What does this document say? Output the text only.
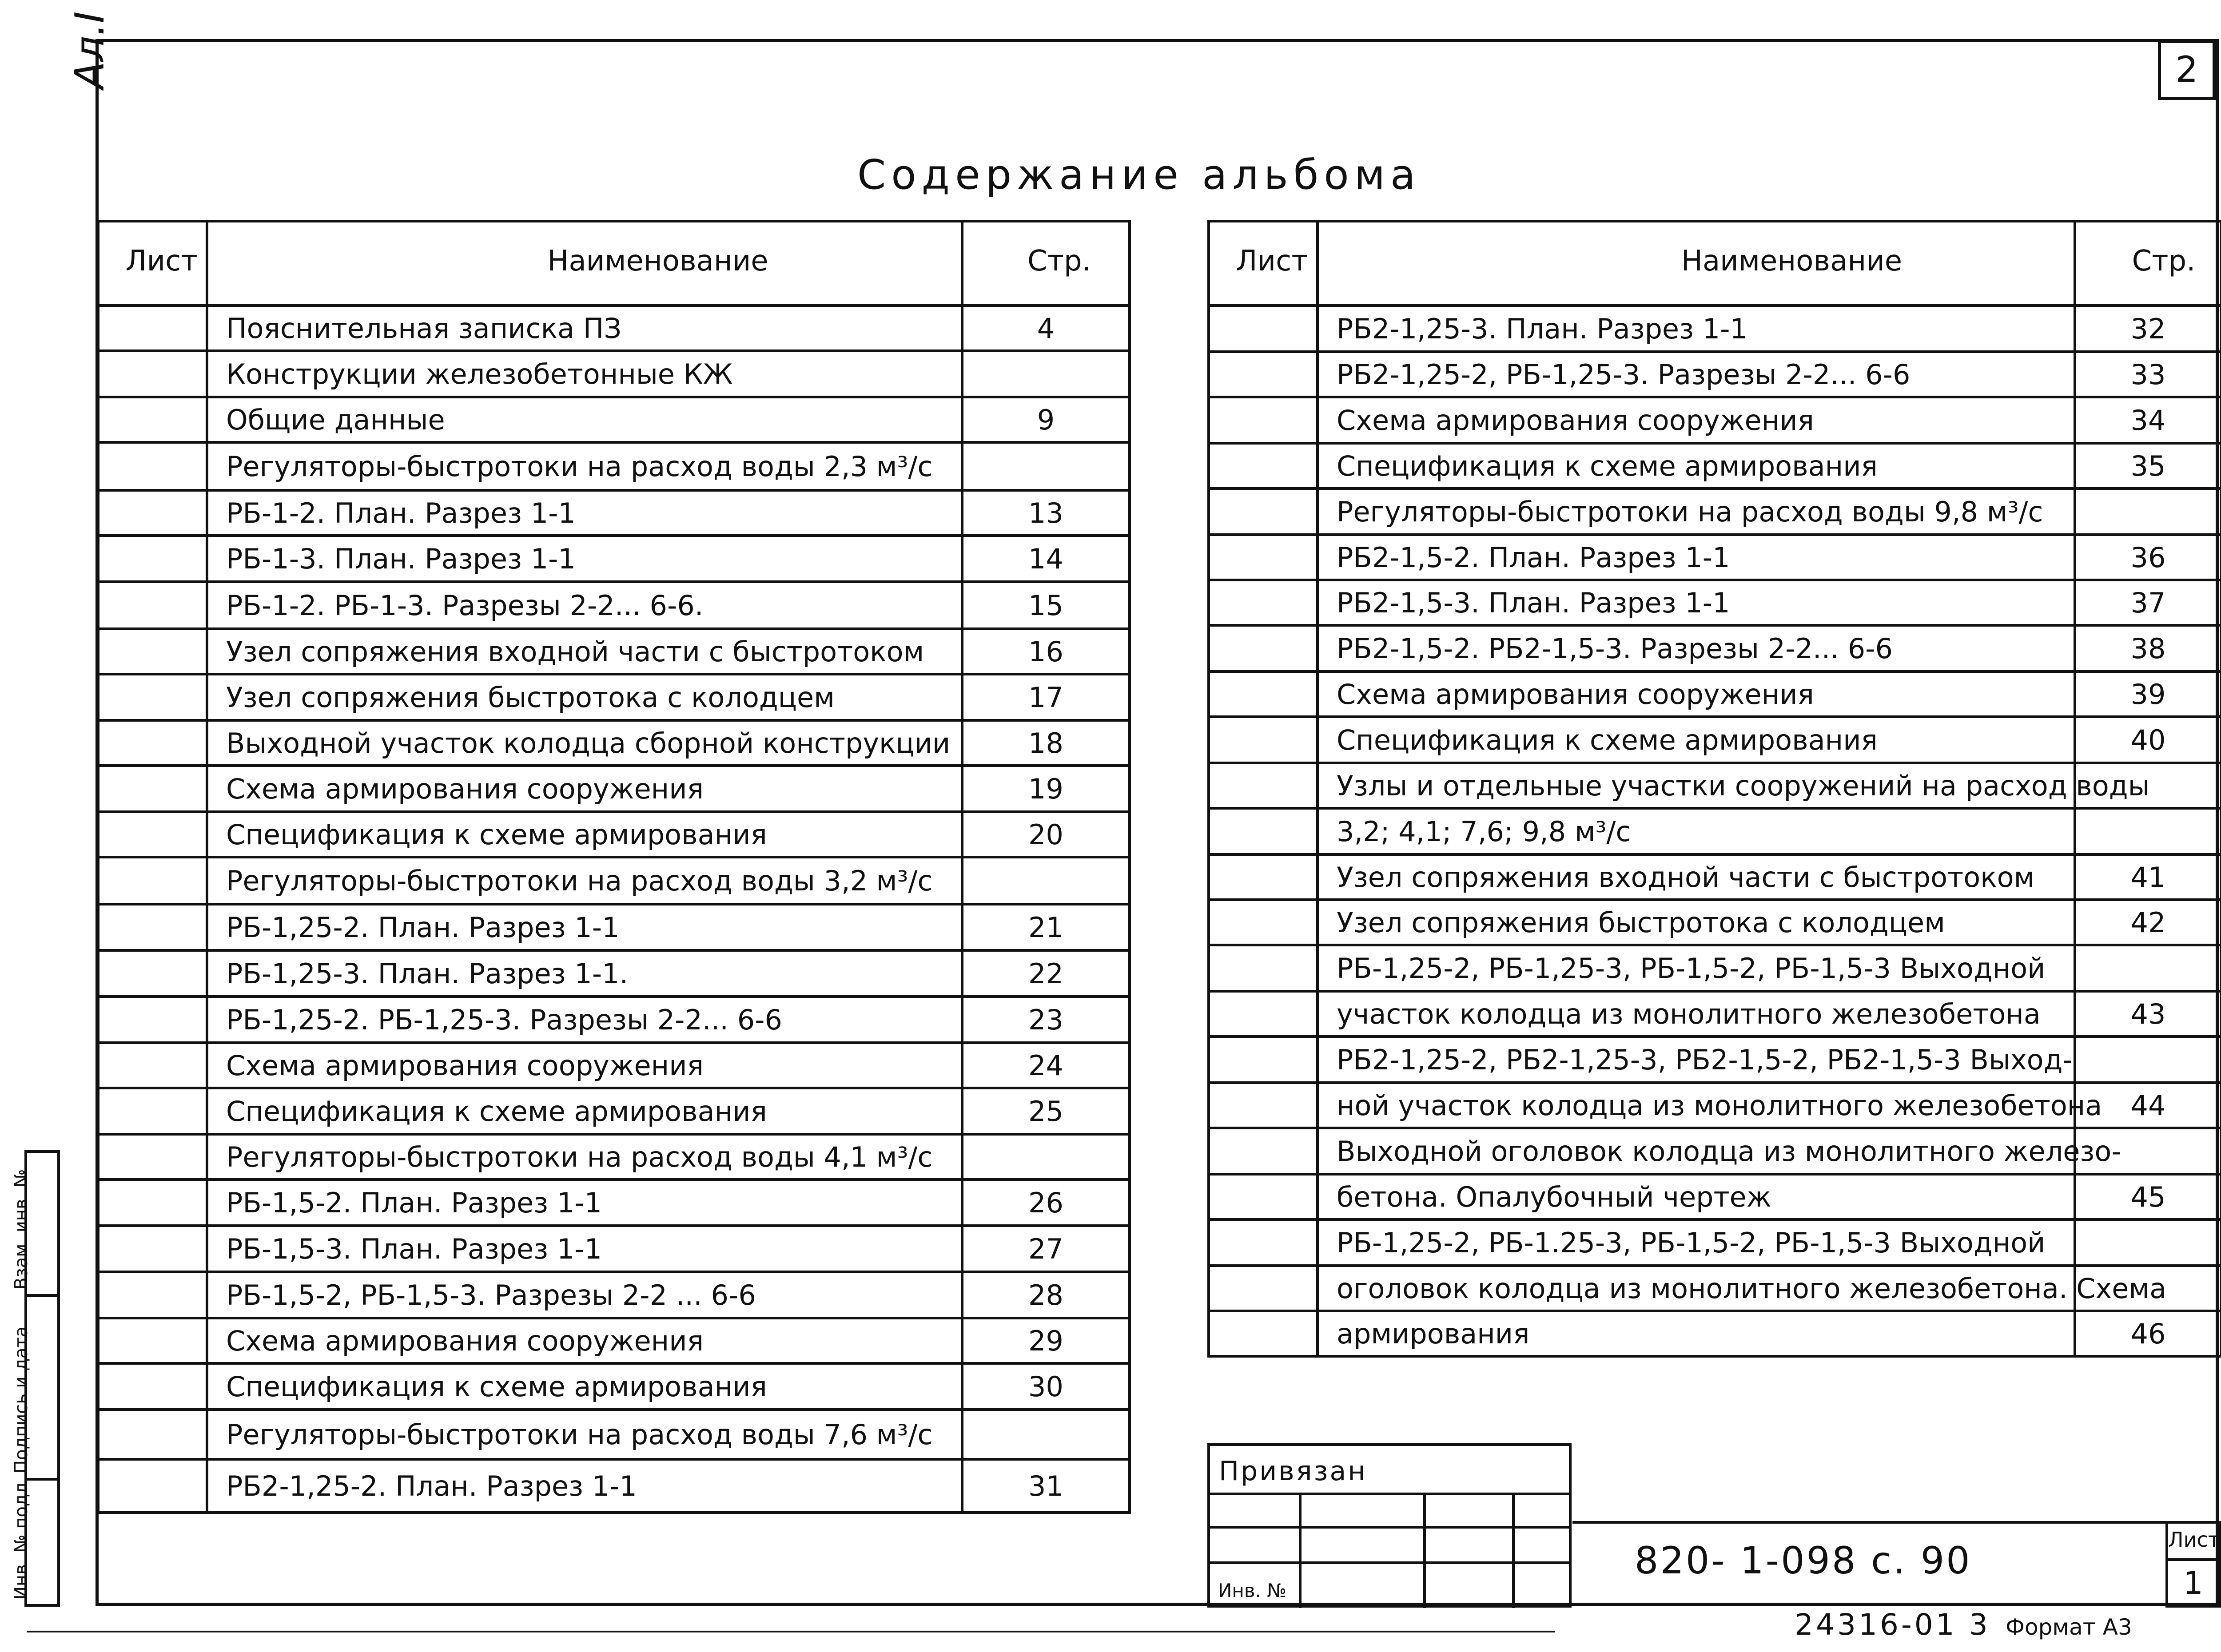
Ал.I	2
Содержание альбома
Лист	Наименование	Стр.
	Пояснительная записка ПЗ	4
	Конструкции железобетонные КЖ	
	Общие данные	9
	Регуляторы-быстротоки на расход воды 2,3 м³/с	
	РБ-1-2. План. Разрез 1-1	13
	РБ-1-3. План. Разрез 1-1	14
	РБ-1-2. РБ-1-3. Разрезы 2-2... 6-6.	15
	Узел сопряжения входной части с быстротоком	16
	Узел сопряжения быстротока с колодцем	17
	Выходной участок колодца сборной конструкции	18
	Схема армирования сооружения	19
	Спецификация к схеме армирования	20
	Регуляторы-быстротоки на расход воды 3,2 м³/с	
	РБ-1,25-2. План. Разрез 1-1	21
	РБ-1,25-3. План. Разрез 1-1.	22
	РБ-1,25-2. РБ-1,25-3. Разрезы 2-2... 6-6	23
	Схема армирования сооружения	24
	Спецификация к схеме армирования	25
	Регуляторы-быстротоки на расход воды 4,1 м³/с	
	РБ-1,5-2. План. Разрез 1-1	26
	РБ-1,5-3. План. Разрез 1-1	27
	РБ-1,5-2, РБ-1,5-3. Разрезы 2-2 ... 6-6	28
	Схема армирования сооружения	29
	Спецификация к схеме армирования	30
	Регуляторы-быстротоки на расход воды 7,6 м³/с	
	РБ2-1,25-2. План. Разрез 1-1	31
Лист	Наименование	Стр.
	РБ2-1,25-3. План. Разрез 1-1	32
	РБ2-1,25-2, РБ-1,25-3. Разрезы 2-2... 6-6	33
	Схема армирования сооружения	34
	Спецификация к схеме армирования	35
	Регуляторы-быстротоки на расход воды 9,8 м³/с	
	РБ2-1,5-2. План. Разрез 1-1	36
	РБ2-1,5-3. План. Разрез 1-1	37
	РБ2-1,5-2. РБ2-1,5-3. Разрезы 2-2... 6-6	38
	Схема армирования сооружения	39
	Спецификация к схеме армирования	40
	Узлы и отдельные участки сооружений на расход воды	
	3,2; 4,1; 7,6; 9,8 м³/с	
	Узел сопряжения входной части с быстротоком	41
	Узел сопряжения быстротока с колодцем	42
	РБ-1,25-2, РБ-1,25-3, РБ-1,5-2, РБ-1,5-3 Выходной	
	участок колодца из монолитного железобетона	43
	РБ2-1,25-2, РБ2-1,25-3, РБ2-1,5-2, РБ2-1,5-3 Выход-	
	ной участок колодца из монолитного железобетона	44
	Выходной оголовок колодца из монолитного железо-	
	бетона. Опалубочный чертеж	45
	РБ-1,25-2, РБ-1.25-3, РБ-1,5-2, РБ-1,5-3 Выходной	
	оголовок колодца из монолитного железобетона. Схема	
	армирования	46
Взам. инв. №
Подпись и дата
Инв. № подл.
Привязан
Инв. №
820- 1-098 с. 90	Лист
1
24316-01 3 Формат А3
